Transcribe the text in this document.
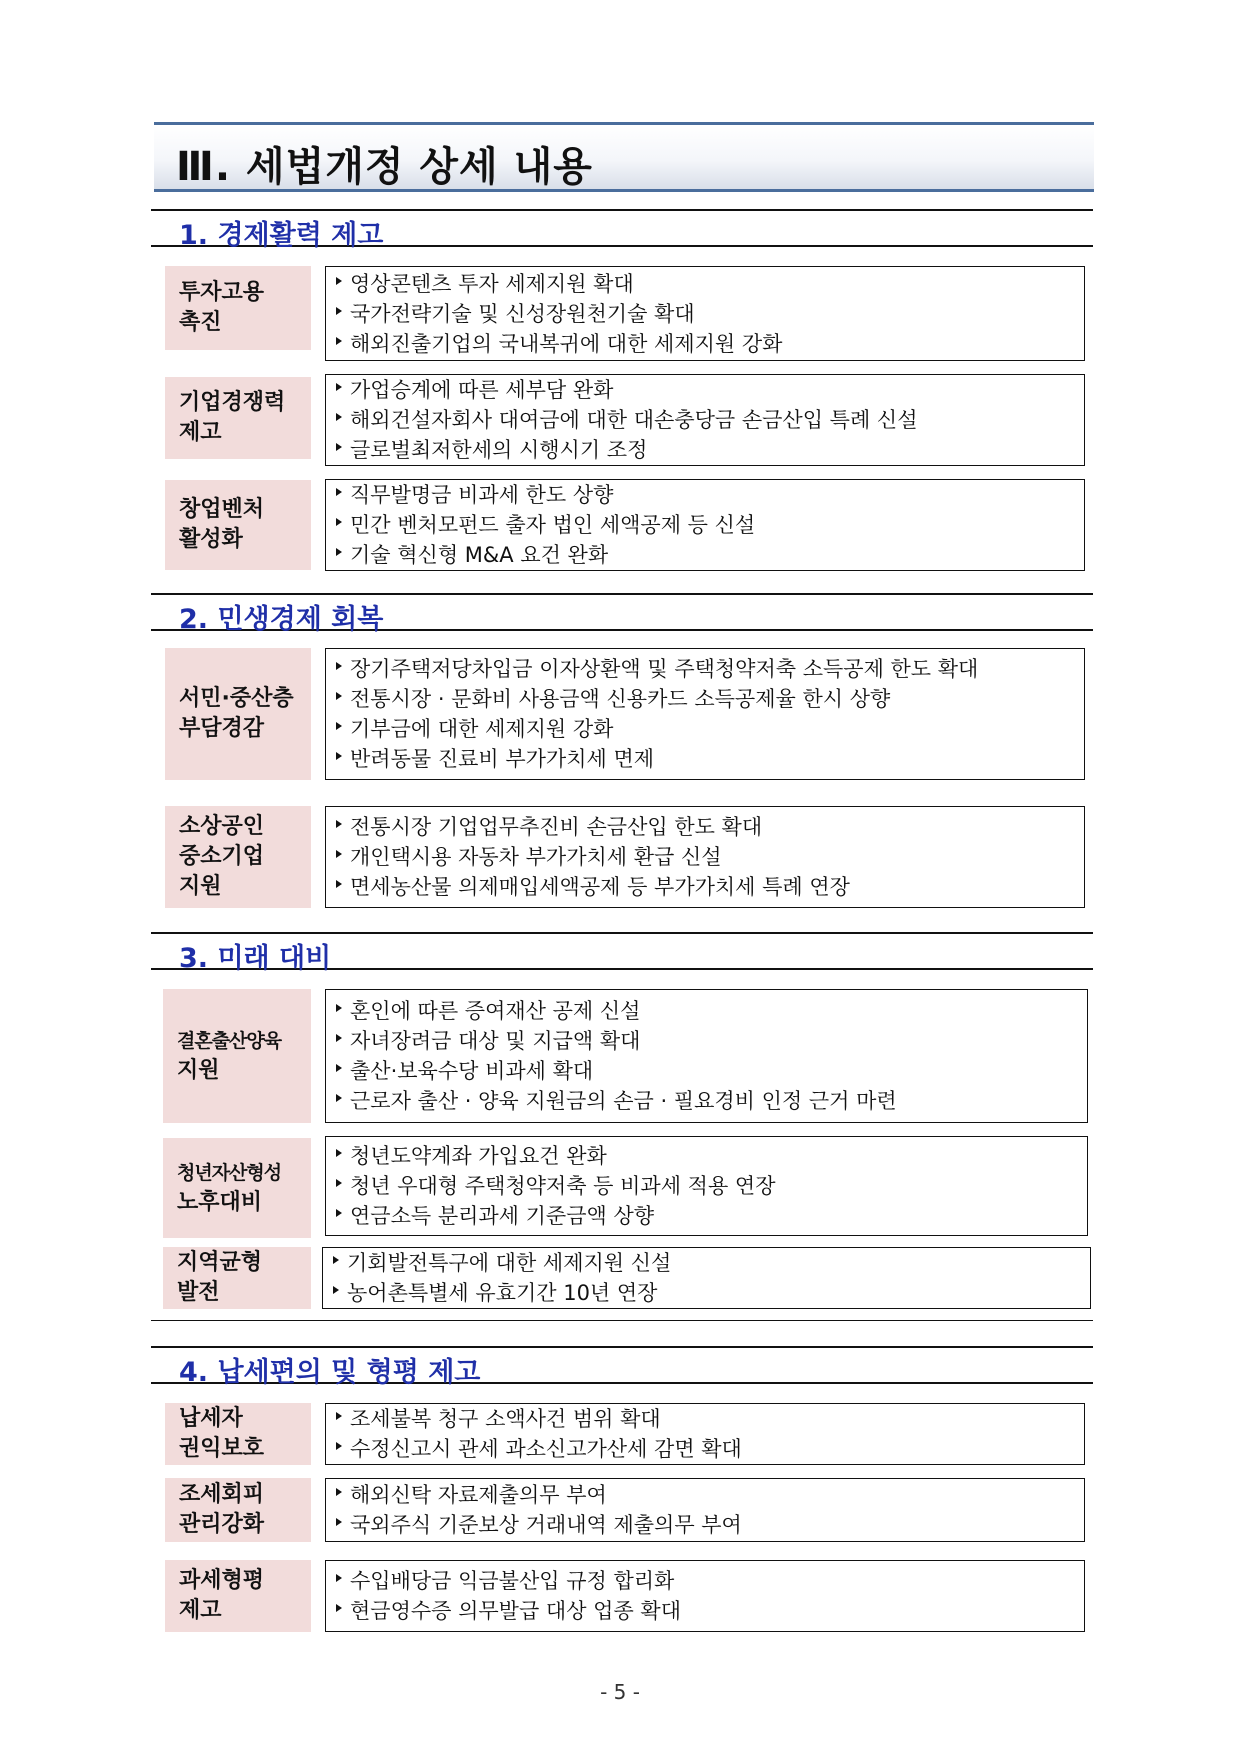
Ⅲ. 세법개정 상세 내용
1. 경제활력 제고
투자고용
촉진
영상콘텐츠 투자 세제지원 확대
국가전략기술 및 신성장원천기술 확대
해외진출기업의 국내복귀에 대한 세제지원 강화
기업경쟁력
제고
가업승계에 따른 세부담 완화
해외건설자회사 대여금에 대한 대손충당금 손금산입 특례 신설
글로벌최저한세의 시행시기 조정
창업벤처
활성화
직무발명금 비과세 한도 상향
민간 벤처모펀드 출자 법인 세액공제 등 신설
기술 혁신형 M&A 요건 완화
2. 민생경제 회복
서민·중산층
부담경감
장기주택저당차입금 이자상환액 및 주택청약저축 소득공제 한도 확대
전통시장 · 문화비 사용금액 신용카드 소득공제율 한시 상향
기부금에 대한 세제지원 강화
반려동물 진료비 부가가치세 면제
소상공인
중소기업
지원
전통시장 기업업무추진비 손금산입 한도 확대
개인택시용 자동차 부가가치세 환급 신설
면세농산물 의제매입세액공제 등 부가가치세 특례 연장
3. 미래 대비
결혼출산양육
지원
혼인에 따른 증여재산 공제 신설
자녀장려금 대상 및 지급액 확대
출산·보육수당 비과세 확대
근로자 출산 · 양육 지원금의 손금 · 필요경비 인정 근거 마련
청년자산형성
노후대비
청년도약계좌 가입요건 완화
청년 우대형 주택청약저축 등 비과세 적용 연장
연금소득 분리과세 기준금액 상향
지역균형
발전
기회발전특구에 대한 세제지원 신설
농어촌특별세 유효기간 10년 연장
4. 납세편의 및 형평 제고
납세자
권익보호
조세불복 청구 소액사건 범위 확대
수정신고시 관세 과소신고가산세 감면 확대
조세회피
관리강화
해외신탁 자료제출의무 부여
국외주식 기준보상 거래내역 제출의무 부여
과세형평
제고
수입배당금 익금불산입 규정 합리화
현금영수증 의무발급 대상 업종 확대
- 5 -
